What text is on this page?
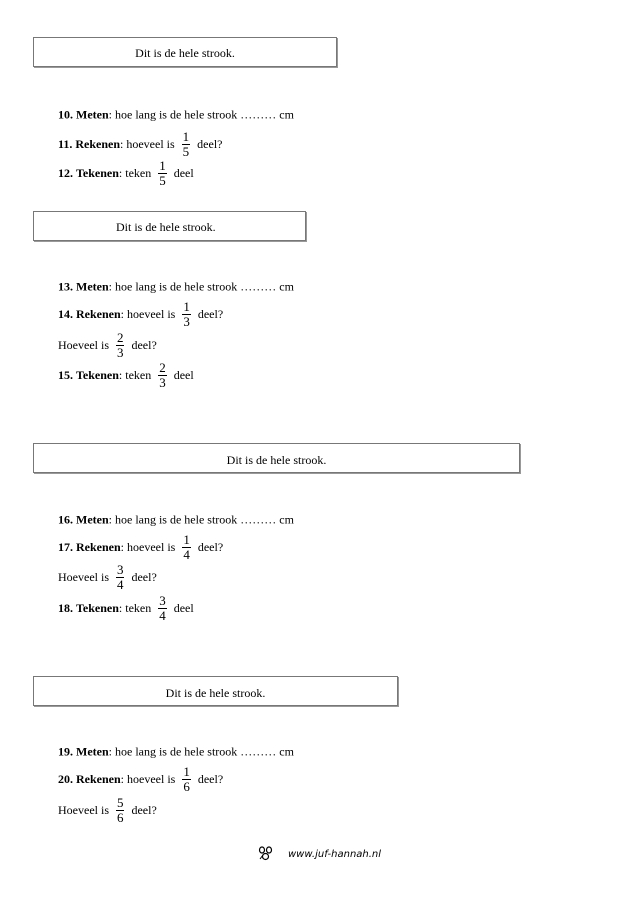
Dit is de hele strook.
10. Meten: hoe lang is de hele strook ……… cm
11. Rekenen: hoeveel is $\frac{1}{5}$ deel?
12. Tekenen: teken $\frac{1}{5}$ deel
Dit is de hele strook.
13. Meten: hoe lang is de hele strook ……… cm
14. Rekenen: hoeveel is $\frac{1}{3}$ deel?
Hoeveel is $\frac{2}{3}$ deel?
15. Tekenen: teken $\frac{2}{3}$ deel
Dit is de hele strook.
16. Meten: hoe lang is de hele strook ……… cm
17. Rekenen: hoeveel is $\frac{1}{4}$ deel?
Hoeveel is $\frac{3}{4}$ deel?
18. Tekenen: teken $\frac{3}{4}$ deel
Dit is de hele strook.
19. Meten: hoe lang is de hele strook ……… cm
20. Rekenen: hoeveel is $\frac{1}{6}$ deel?
Hoeveel is $\frac{5}{6}$ deel?
www.juf-hannah.nl
